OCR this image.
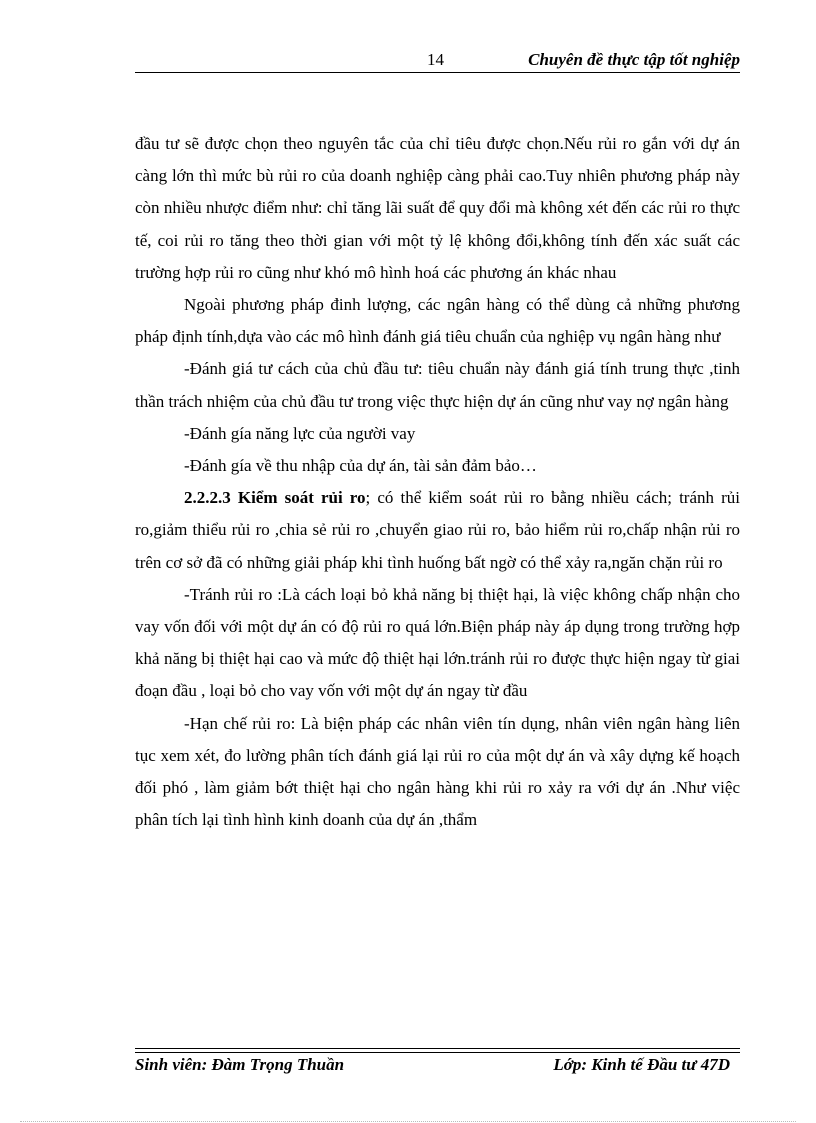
14	Chuyên đề thực tập tốt nghiệp

đầu tư sẽ được chọn theo nguyên tắc của chỉ tiêu được chọn.Nếu rủi ro gắn với dự án càng lớn thì mức bù rủi ro của doanh nghiệp càng phải cao.Tuy nhiên phương pháp này còn nhiều nhược điểm như: chỉ tăng lãi suất để quy đổi mà không xét đến các rủi ro thực tế, coi rủi ro tăng theo thời gian với một tỷ lệ không đổi,không tính đến xác suất các trường hợp rủi ro cũng như khó mô hình hoá các phương án khác nhau

Ngoài phương pháp đinh lượng, các ngân hàng có thể dùng cả những phương pháp định tính,dựa vào các mô hình đánh giá tiêu chuẩn của nghiệp vụ ngân hàng như

-Đánh giá tư cách của chủ đầu tư: tiêu chuẩn này đánh giá tính trung thực ,tinh thần trách nhiệm của chủ đầu tư trong việc thực hiện dự án cũng như vay nợ ngân hàng

-Đánh gía năng lực của người vay

-Đánh gía về thu nhập của dự án, tài sản đảm bảo…

2.2.2.3 Kiểm soát rủi ro; có thể kiểm soát rủi ro bằng nhiều cách; tránh rủi ro,giảm thiểu rủi ro ,chia sẻ rủi ro ,chuyển giao rủi ro, bảo hiểm rủi ro,chấp nhận rủi ro trên cơ sở đã có những giải pháp khi tình huống bất ngờ có thể xảy ra,ngăn chặn rủi ro

-Tránh rủi ro :Là cách loại bỏ khả năng bị thiệt hại, là việc không chấp nhận cho vay vốn đối với một dự án có độ rủi ro quá lớn.Biện pháp này áp dụng trong trường hợp khả năng bị thiệt hại cao và mức độ thiệt hại lớn.tránh rủi ro được thực hiện ngay từ giai đoạn đầu , loại bỏ cho vay vốn với một dự án ngay từ đầu

-Hạn chế rủi ro: Là biện pháp các nhân viên tín dụng, nhân viên ngân hàng liên tục xem xét, đo lường phân tích đánh giá lại rủi ro của một dự án và xây dựng kế hoạch đối phó , làm giảm bớt thiệt hại cho ngân hàng khi rủi ro xảy ra với dự án .Như việc phân tích lại tình hình kinh doanh của dự án ,thẩm

Sinh viên: Đàm Trọng Thuần	Lớp: Kinh tế Đầu tư 47D
